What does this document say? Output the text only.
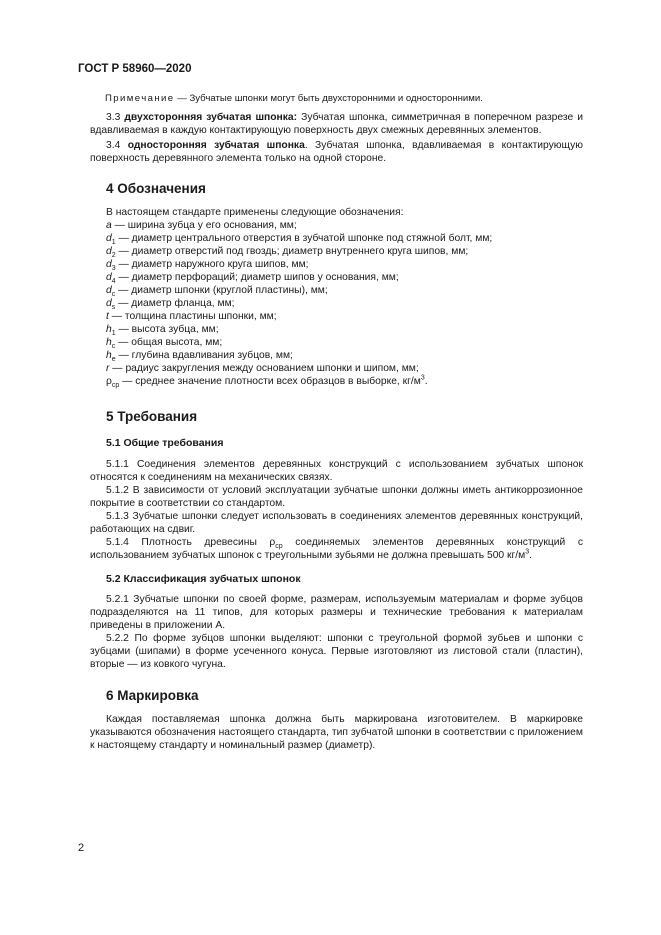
ГОСТ Р 58960—2020
Примечание — Зубчатые шпонки могут быть двухсторонними и односторонними.

3.3 двухсторонняя зубчатая шпонка: Зубчатая шпонка, симметричная в поперечном разрезе и вдавливаемая в каждую контактирующую поверхность двух смежных деревянных элементов.

3.4 односторонняя зубчатая шпонка. Зубчатая шпонка, вдавливаемая в контактирующую поверхность деревянного элемента только на одной стороне.

4 Обозначения
В настоящем стандарте применены следующие обозначения:
a — ширина зубца у его основания, мм;
$d_1$ — диаметр центрального отверстия в зубчатой шпонке под стяжной болт, мм;
$d_2$ — диаметр отверстий под гвоздь; диаметр внутреннего круга шипов, мм;
$d_3$ — диаметр наружного круга шипов, мм;
$d_4$ — диаметр перфораций; диаметр шипов у основания, мм;
$d_c$ — диаметр шпонки (круглой пластины), мм;
$d_s$ — диаметр фланца, мм;
t — толщина пластины шпонки, мм;
$h_1$ — высота зубца, мм;
$h_c$ — общая высота, мм;
$h_e$ — глубина вдавливания зубцов, мм;
r — радиус закругления между основанием шпонки и шипом, мм;
$\rho_{ср}$ — среднее значение плотности всех образцов в выборке, $кг/м^3$.
5 Требования
5.1 Общие требования

5.1.1 Соединения элементов деревянных конструкций с использованием зубчатых шпонок относятся к соединениям на механических связях.

5.1.2 В зависимости от условий эксплуатации зубчатые шпонки должны иметь антикоррозионное покрытие в соответствии со стандартом.

5.1.3 Зубчатые шпонки следует использовать в соединениях элементов деревянных конструкций, работающих на сдвиг.

5.1.4 Плотность древесины $\rho_{ср}$ соединяемых элементов деревянных конструкций с использованием зубчатых шпонок с треугольными зубьями не должна превышать 500 $кг/м^3$.

5.2 Классификация зубчатых шпонок

5.2.1 Зубчатые шпонки по своей форме, размерам, используемым материалам и форме зубцов подразделяются на 11 типов, для которых размеры и технические требования к материалам приведены в приложении А.

5.2.2 По форме зубцов шпонки выделяют: шпонки с треугольной формой зубьев и шпонки с зубцами (шипами) в форме усеченного конуса. Первые изготовляют из листовой стали (пластин), вторые — из ковкого чугуна.

6 Маркировка

Каждая поставляемая шпонка должна быть маркирована изготовителем. В маркировке указываются обозначения настоящего стандарта, тип зубчатой шпонки в соответствии с приложением к настоящему стандарту и номинальный размер (диаметр).

2
